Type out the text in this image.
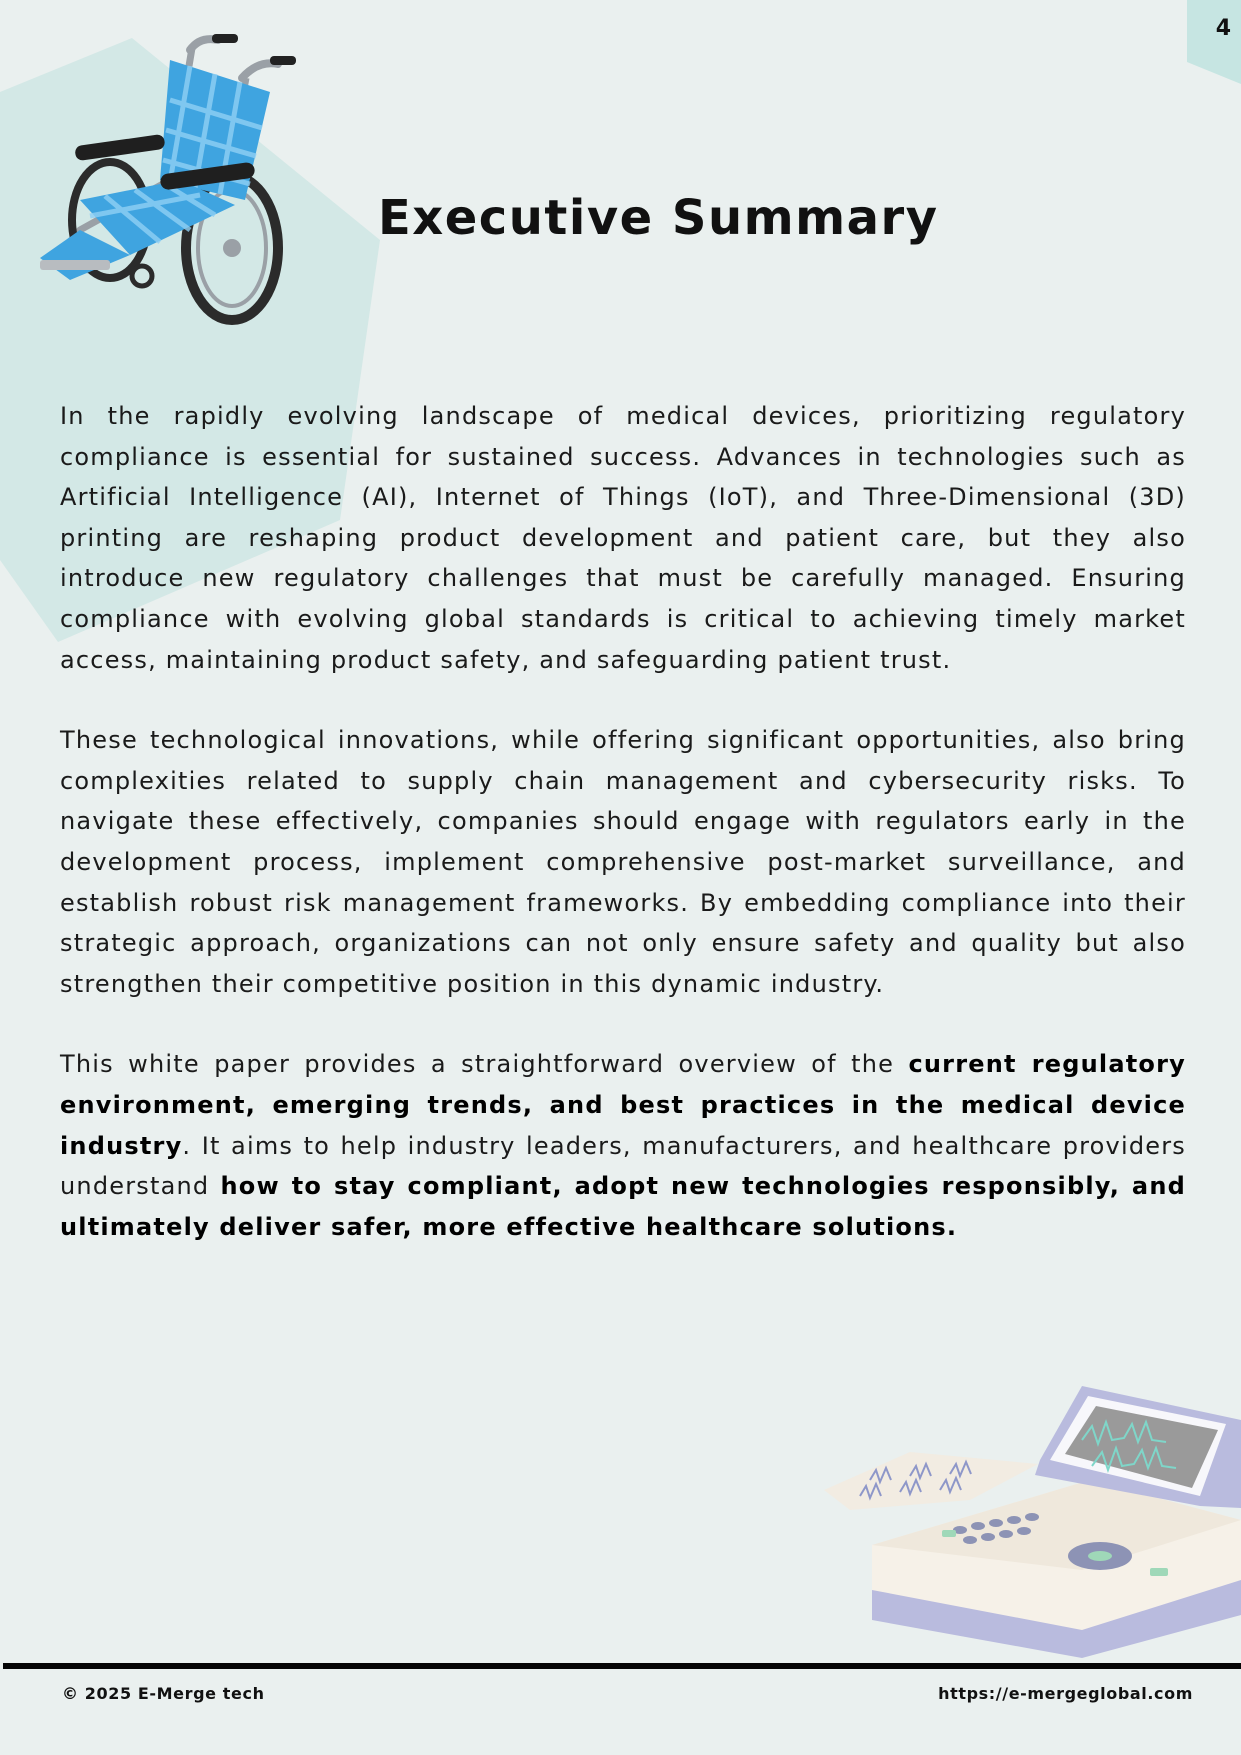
4
Executive Summary

In the rapidly evolving landscape of medical devices, prioritizing regulatory compliance is essential for sustained success. Advances in technologies such as Artificial Intelligence (AI), Internet of Things (IoT), and Three-Dimensional (3D) printing are reshaping product development and patient care, but they also introduce new regulatory challenges that must be carefully managed. Ensuring compliance with evolving global standards is critical to achieving timely market access, maintaining product safety, and safeguarding patient trust.

These technological innovations, while offering significant opportunities, also bring complexities related to supply chain management and cybersecurity risks. To navigate these effectively, companies should engage with regulators early in the development process, implement comprehensive post-market surveillance, and establish robust risk management frameworks. By embedding compliance into their strategic approach, organizations can not only ensure safety and quality but also strengthen their competitive position in this dynamic industry.

This white paper provides a straightforward overview of the current regulatory environment, emerging trends, and best practices in the medical device industry. It aims to help industry leaders, manufacturers, and healthcare providers understand how to stay compliant, adopt new technologies responsibly, and ultimately deliver safer, more effective healthcare solutions.

© 2025 E-Merge tech	https://e-mergeglobal.com
